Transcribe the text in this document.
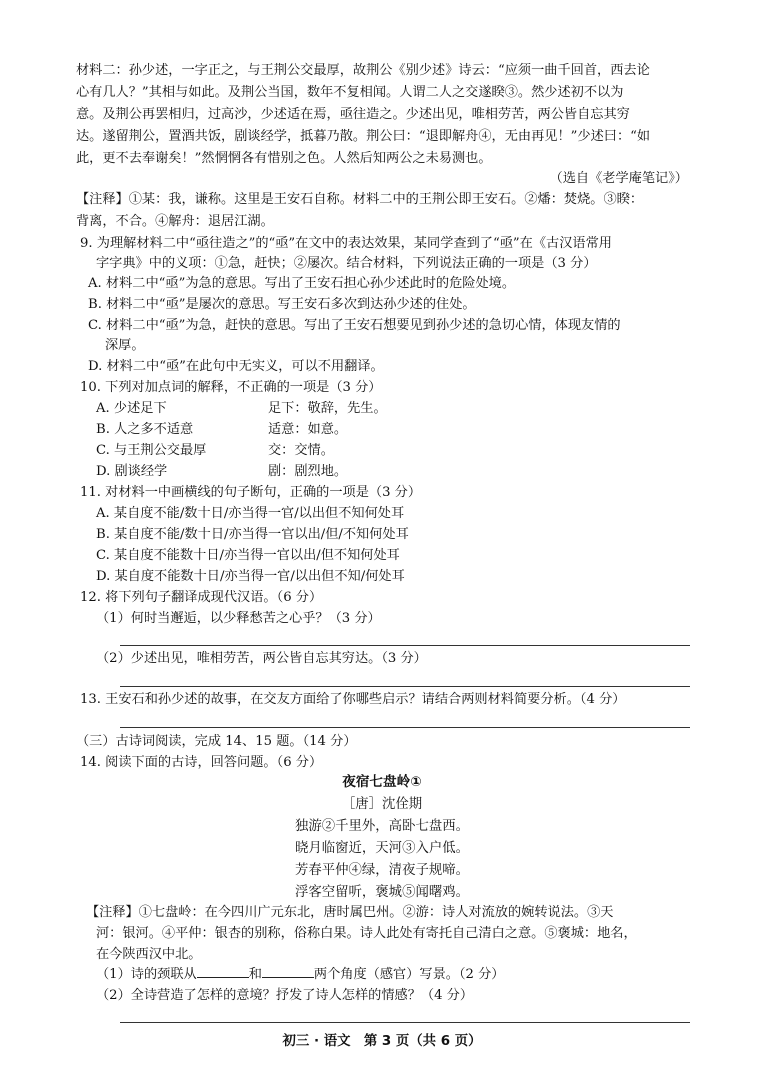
材料二：孙少述，一字正之，与王荆公交最厚，故荆公《别少述》诗云：“应须一曲千回首，西去论
心有几人？”其相与如此。及荆公当国，数年不复相闻。人谓二人之交遂睽③。然少述初不以为
意。及荆公再罢相归，过高沙，少述适在焉，亟往造之。少述出见，唯相劳苦，两公皆自忘其穷
达。遂留荆公，置酒共饭，剧谈经学，抵暮乃散。荆公曰：“退即解舟④，无由再见！”少述曰：“如
此，更不去奉谢矣！”然惘惘各有惜别之色。人然后知两公之未易测也。
（选自《老学庵笔记》）
【注释】①某：我，谦称。这里是王安石自称。材料二中的王荆公即王安石。②燔：焚烧。③睽：
背离，不合。④解舟：退居江湖。
9. 为理解材料二中“亟往造之”的“亟”在文中的表达效果，某同学查到了“亟”在《古汉语常用
字字典》中的义项：①急，赶快；②屡次。结合材料，下列说法正确的一项是（3 分）
A. 材料二中“亟”为急的意思。写出了王安石担心孙少述此时的危险处境。
B. 材料二中“亟”是屡次的意思。写王安石多次到达孙少述的住处。
C. 材料二中“亟”为急，赶快的意思。写出了王安石想要见到孙少述的急切心情，体现友情的
深厚。
D. 材料二中“亟”在此句中无实义，可以不用翻译。
10. 下列对加点词的解释，不正确的一项是（3 分）
A. 少述足下	足下：敬辞，先生。
B. 人之多不适意	适意：如意。
C. 与王荆公交最厚	交：交情。
D. 剧谈经学	剧：剧烈地。
11. 对材料一中画横线的句子断句，正确的一项是（3 分）
A. 某自度不能/数十日/亦当得一官/以出但不知何处耳
B. 某自度不能/数十日/亦当得一官以出/但/不知何处耳
C. 某自度不能数十日/亦当得一官以出/但不知何处耳
D. 某自度不能数十日/亦当得一官/以出但不知/何处耳
12. 将下列句子翻译成现代汉语。（6 分）
（1）何时当邂逅，以少释愁苦之心乎？（3 分）
（2）少述出见，唯相劳苦，两公皆自忘其穷达。（3 分）
13. 王安石和孙少述的故事，在交友方面给了你哪些启示？请结合两则材料简要分析。（4 分）
（三）古诗词阅读，完成 14、15 题。（14 分）
14. 阅读下面的古诗，回答问题。（6 分）
夜宿七盘岭①
［唐］沈佺期
独游②千里外，高卧七盘西。
晓月临窗近，天河③入户低。
芳春平仲④绿，清夜子规啼。
浮客空留听，褒城⑤闻曙鸡。
【注释】①七盘岭：在今四川广元东北，唐时属巴州。②游：诗人对流放的婉转说法。③天
河：银河。④平仲：银杏的别称，俗称白果。诗人此处有寄托自己清白之意。⑤褒城：地名，
在今陕西汉中北。
（1）诗的颈联从	和	两个角度（感官）写景。（2 分）
（2）全诗营造了怎样的意境？抒发了诗人怎样的情感？（4 分）
初三 · 语文　第 3 页（共 6 页）
